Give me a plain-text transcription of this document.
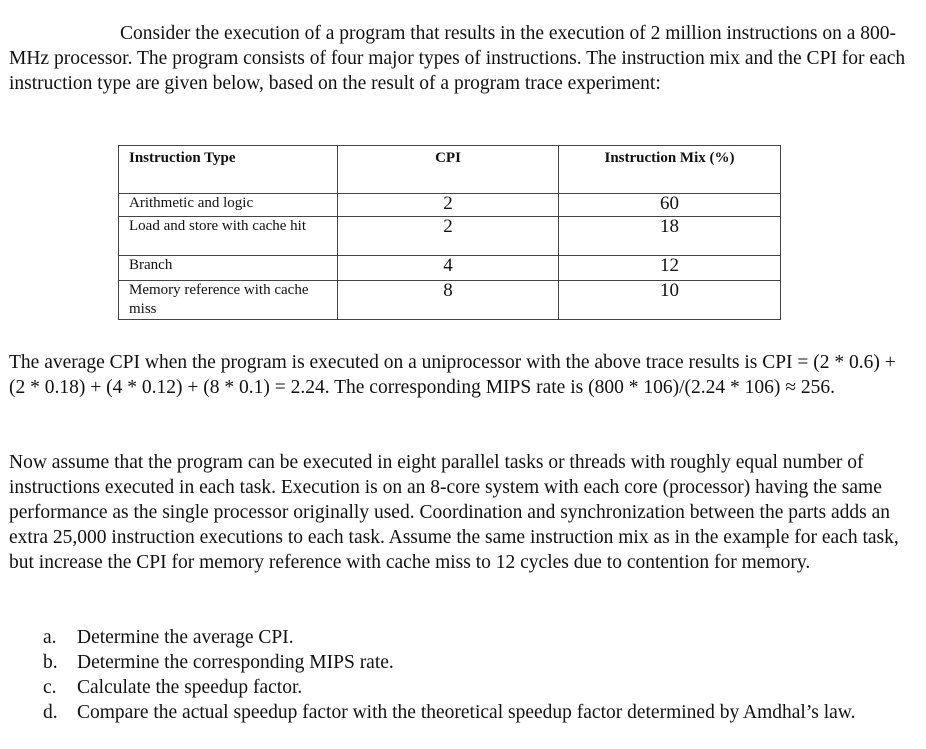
Consider the execution of a program that results in the execution of 2 million instructions on a 800-MHz processor. The program consists of four major types of instructions. The instruction mix and the CPI for each instruction type are given below, based on the result of a program trace experiment:

Instruction Type	CPI	Instruction Mix (%)
Arithmetic and logic	2	60
Load and store with cache hit	2	18
Branch	4	12
Memory reference with cache miss	8	10

The average CPI when the program is executed on a uniprocessor with the above trace results is CPI = (2 * 0.6) + (2 * 0.18) + (4 * 0.12) + (8 * 0.1) = 2.24. The corresponding MIPS rate is (800 * 106)/(2.24 * 106) ≈ 256.

Now assume that the program can be executed in eight parallel tasks or threads with roughly equal number of instructions executed in each task. Execution is on an 8-core system with each core (processor) having the same performance as the single processor originally used. Coordination and synchronization between the parts adds an extra 25,000 instruction executions to each task. Assume the same instruction mix as in the example for each task, but increase the CPI for memory reference with cache miss to 12 cycles due to contention for memory.

a. Determine the average CPI.
b. Determine the corresponding MIPS rate.
c. Calculate the speedup factor.
d. Compare the actual speedup factor with the theoretical speedup factor determined by Amdhal’s law.
